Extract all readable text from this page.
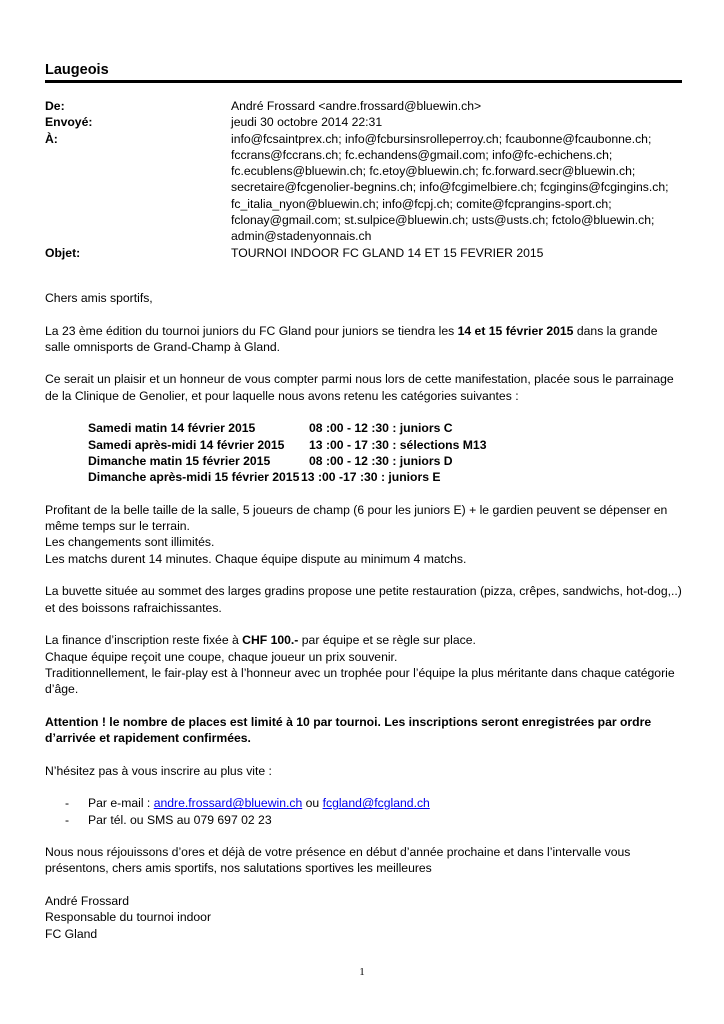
Laugeois
De:	André Frossard <andre.frossard@bluewin.ch>
Envoyé:	jeudi 30 octobre 2014 22:31
À:	info@fcsaintprex.ch; info@fcbursinsrolleperroy.ch; fcaubonne@fcaubonne.ch; fccrans@fccrans.ch; fc.echandens@gmail.com; info@fc-echichens.ch; fc.ecublens@bluewin.ch; fc.etoy@bluewin.ch; fc.forward.secr@bluewin.ch; secretaire@fcgenolier-begnins.ch; info@fcgimelbiere.ch; fcgingins@fcgingins.ch; fc_italia_nyon@bluewin.ch; info@fcpj.ch; comite@fcprangins-sport.ch; fclonay@gmail.com; st.sulpice@bluewin.ch; usts@usts.ch; fctolo@bluewin.ch; admin@stadenyonnais.ch
Objet:	TOURNOI INDOOR FC GLAND 14 ET 15 FEVRIER 2015

Chers amis sportifs,

La 23 ème édition du tournoi juniors du FC Gland pour juniors se tiendra les 14 et 15 février 2015 dans la grande salle omnisports de Grand-Champ à Gland.

Ce serait un plaisir et un honneur de vous compter parmi nous lors de cette manifestation, placée sous le parrainage de la Clinique de Genolier, et pour laquelle nous avons retenu les catégories suivantes :

Samedi matin 14 février 2015	08 :00 - 12 :30 : juniors C
Samedi après-midi 14 février 2015	13 :00 - 17 :30 : sélections M13
Dimanche matin 15 février 2015	08 :00 - 12 :30 : juniors D
Dimanche après-midi 15 février 2015 13 :00 -17 :30 : juniors E

Profitant de la belle taille de la salle, 5 joueurs de champ (6 pour les juniors E) + le gardien peuvent se dépenser en même temps sur le terrain.

Les changements sont illimités.

Les matchs durent 14 minutes. Chaque équipe dispute au minimum 4 matchs.

La buvette située au sommet des larges gradins propose une petite restauration (pizza, crêpes, sandwichs, hot-dog,..) et des boissons rafraichissantes.

La finance d’inscription reste fixée à CHF 100.- par équipe et se règle sur place.

Chaque équipe reçoit une coupe, chaque joueur un prix souvenir.

Traditionnellement, le fair-play est à l’honneur avec un trophée pour l’équipe la plus méritante dans chaque catégorie d’âge.

Attention ! le nombre de places est limité à 10 par tournoi. Les inscriptions seront enregistrées par ordre d’arrivée et rapidement confirmées.

N’hésitez pas à vous inscrire au plus vite :

-	Par e-mail : andre.frossard@bluewin.ch ou fcgland@fcgland.ch
-	Par tél. ou SMS au 079 697 02 23

Nous nous réjouissons d’ores et déjà de votre présence en début d’année prochaine et dans l’intervalle vous présentons, chers amis sportifs, nos salutations sportives les meilleures

André Frossard

Responsable du tournoi indoor

FC Gland

1
